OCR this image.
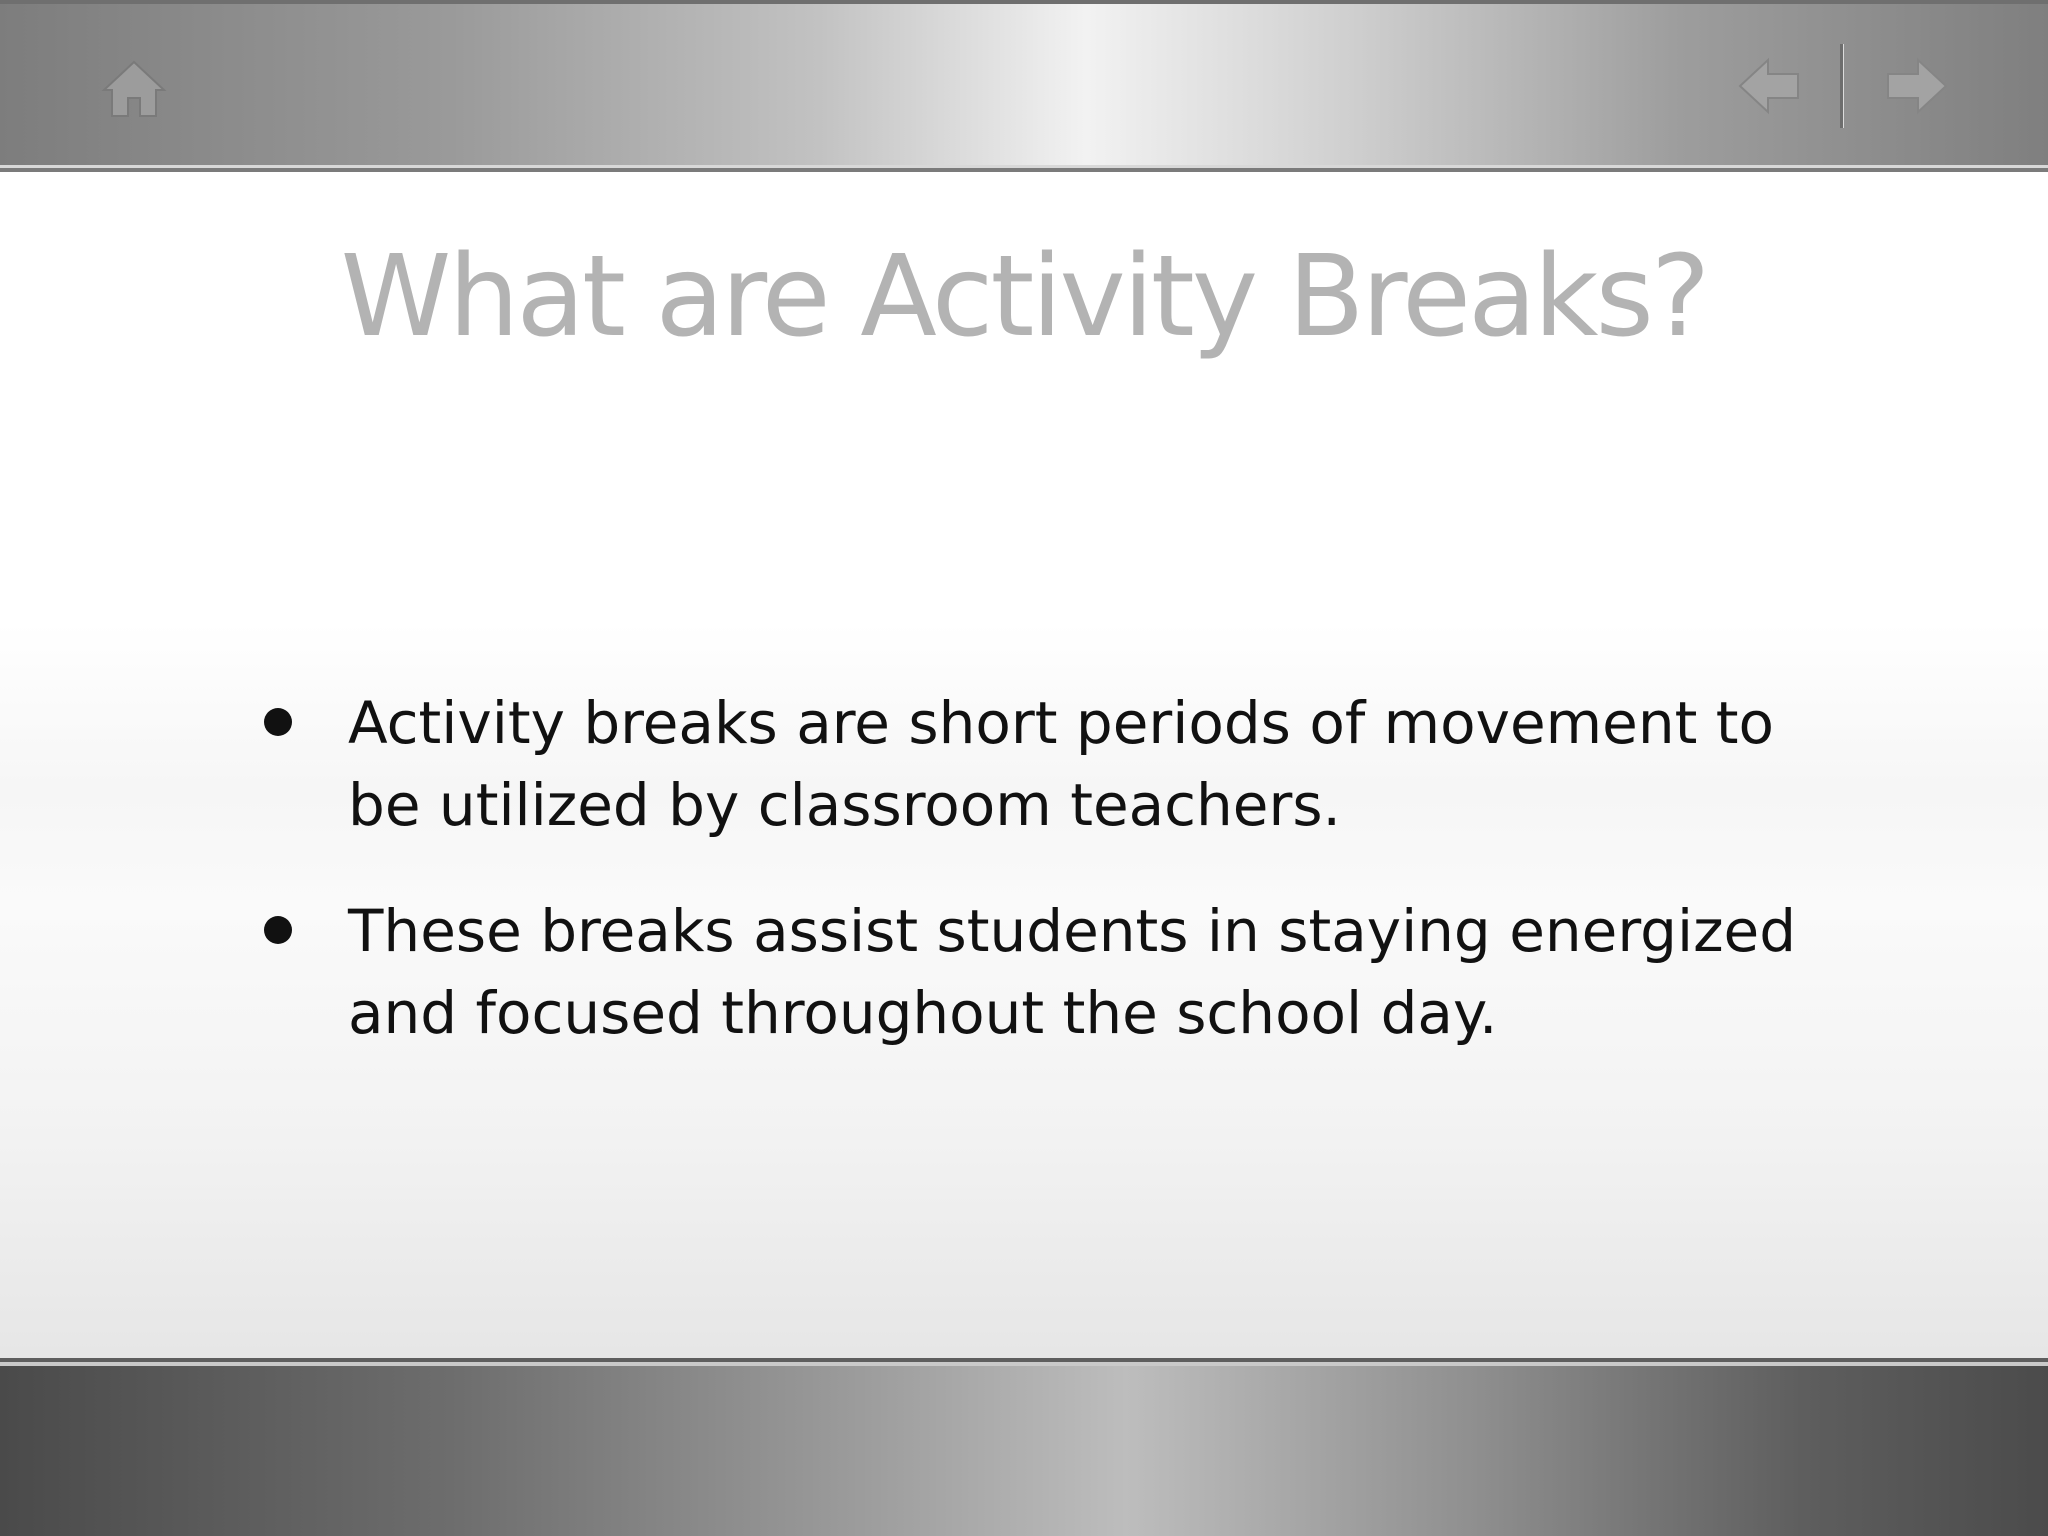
What are Activity Breaks?
Activity breaks are short periods of movement to be utilized by classroom teachers.
These breaks assist students in staying energized and focused throughout the school day.
